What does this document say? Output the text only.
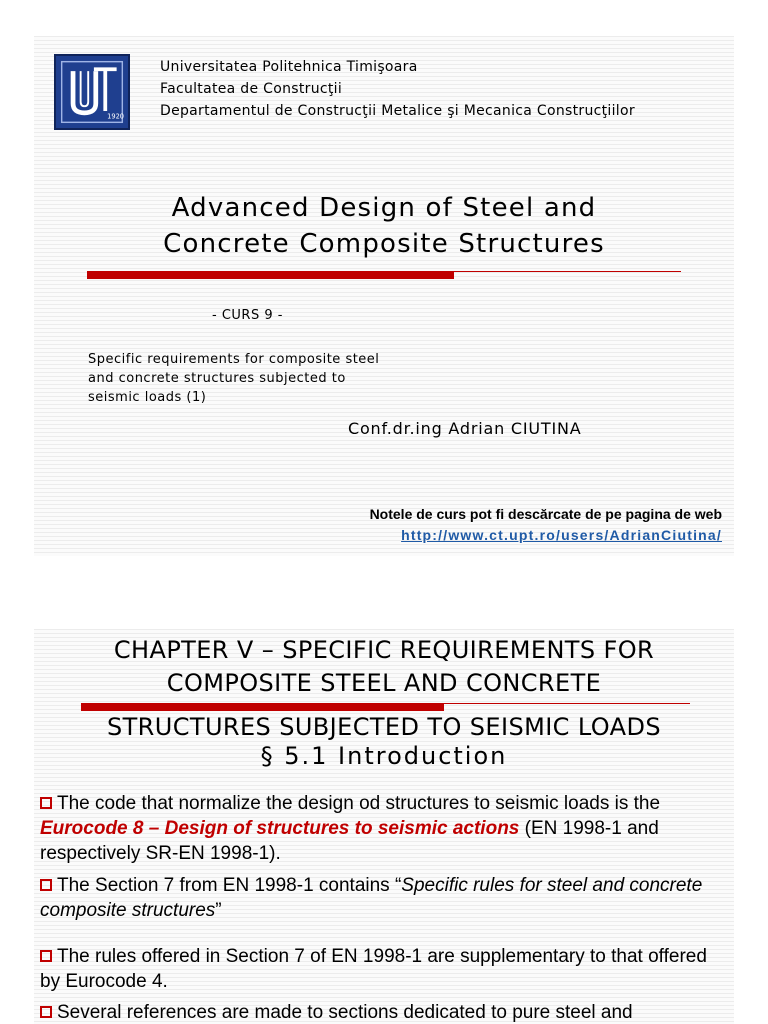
1920
Universitatea Politehnica Timişoara
Facultatea de Construcţii
Departamentul de Construcţii Metalice şi Mecanica Construcţiilor
Advanced Design of Steel and
Concrete Composite Structures
- CURS 9 -
Specific requirements for composite steel
and concrete structures subjected to
seismic loads (1)
Conf.dr.ing Adrian CIUTINA
Notele de curs pot fi descărcate de pe pagina de web
http://www.ct.upt.ro/users/AdrianCiutina/
CHAPTER V – SPECIFIC REQUIREMENTS FOR
COMPOSITE STEEL AND CONCRETE
STRUCTURES SUBJECTED TO SEISMIC LOADS
§ 5.1 Introduction
The code that normalize the design od structures to seismic loads is the Eurocode 8 – Design of structures to seismic actions (EN 1998-1 and respectively SR-EN 1998-1).
The Section 7 from EN 1998-1 contains “Specific rules for steel and concrete composite structures”
The rules offered in Section 7 of EN 1998-1 are supplementary to that offered by Eurocode 4.
Several references are made to sections dedicated to pure steel and
